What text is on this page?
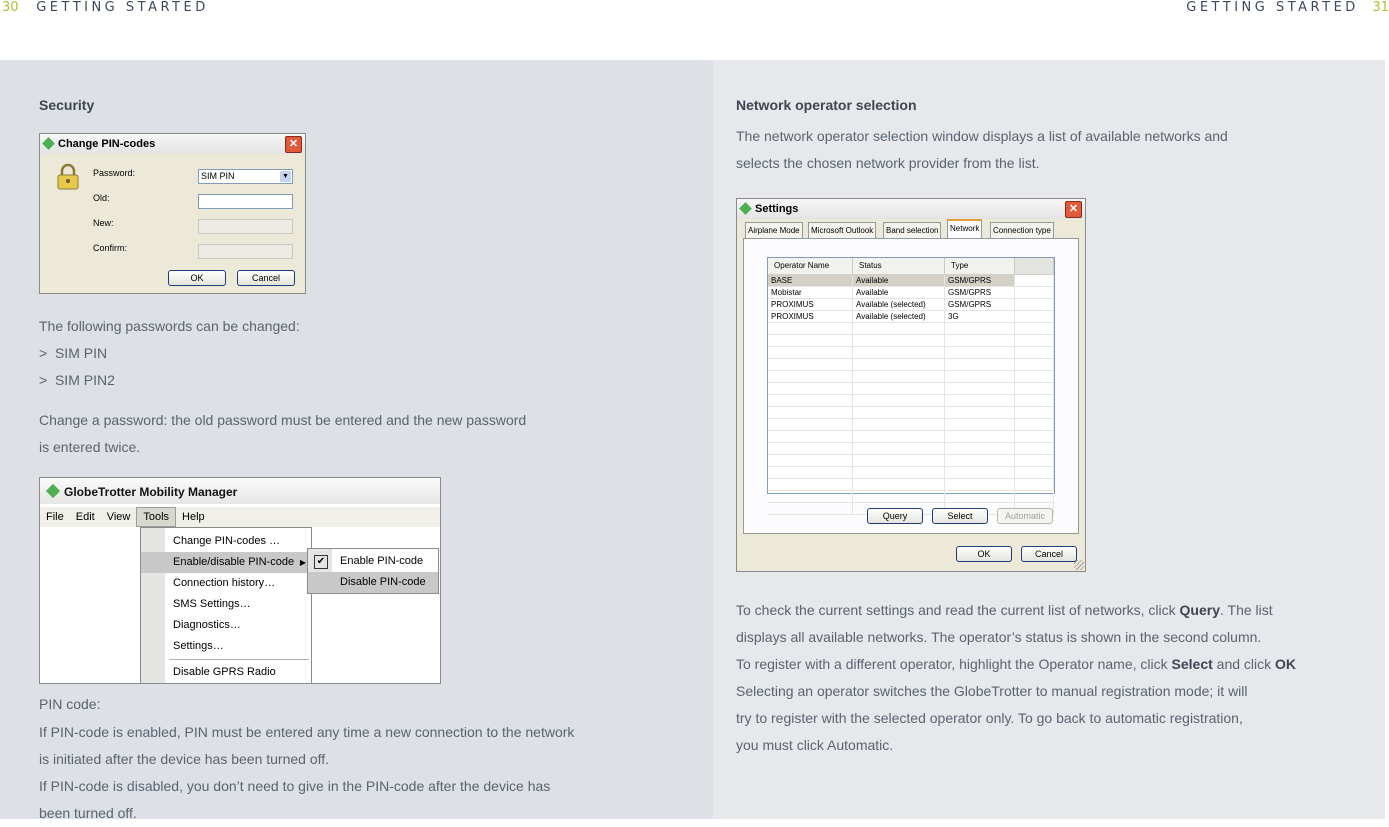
30 GETTING STARTED	GETTING STARTED 31
Security
Change PIN-codes	✕
Password:	SIM PIN	▼
Old:
New:
Confirm:
OK	Cancel
The following passwords can be changed:
> SIM PIN
> SIM PIN2
Change a password: the old password must be entered and the new password
is entered twice.
GlobeTrotter Mobility Manager
File Edit View Tools Help
Change PIN-codes …
Enable/disable PIN-code ▶
Connection history…
SMS Settings…
Diagnostics…
Settings…
Disable GPRS Radio
✔ Enable PIN-code
Disable PIN-code
PIN code:
If PIN-code is enabled, PIN must be entered any time a new connection to the network
is initiated after the device has been turned off.
If PIN-code is disabled, you don’t need to give in the PIN-code after the device has
been turned off.
Network operator selection
The network operator selection window displays a list of available networks and
selects the chosen network provider from the list.
Settings	✕
Airplane Mode	Microsoft Outlook	Band selection	Network	Connection type
Operator Name	Status	Type
BASE	Available	GSM/GPRS
Mobistar	Available	GSM/GPRS
PROXIMUS	Available (selected)	GSM/GPRS
PROXIMUS	Available (selected)	3G
Query	Select	Automatic
OK	Cancel
To check the current settings and read the current list of networks, click Query. The list
displays all available networks. The operator’s status is shown in the second column.
To register with a different operator, highlight the Operator name, click Select and click OK
Selecting an operator switches the GlobeTrotter to manual registration mode; it will
try to register with the selected operator only. To go back to automatic registration,
you must click Automatic.
